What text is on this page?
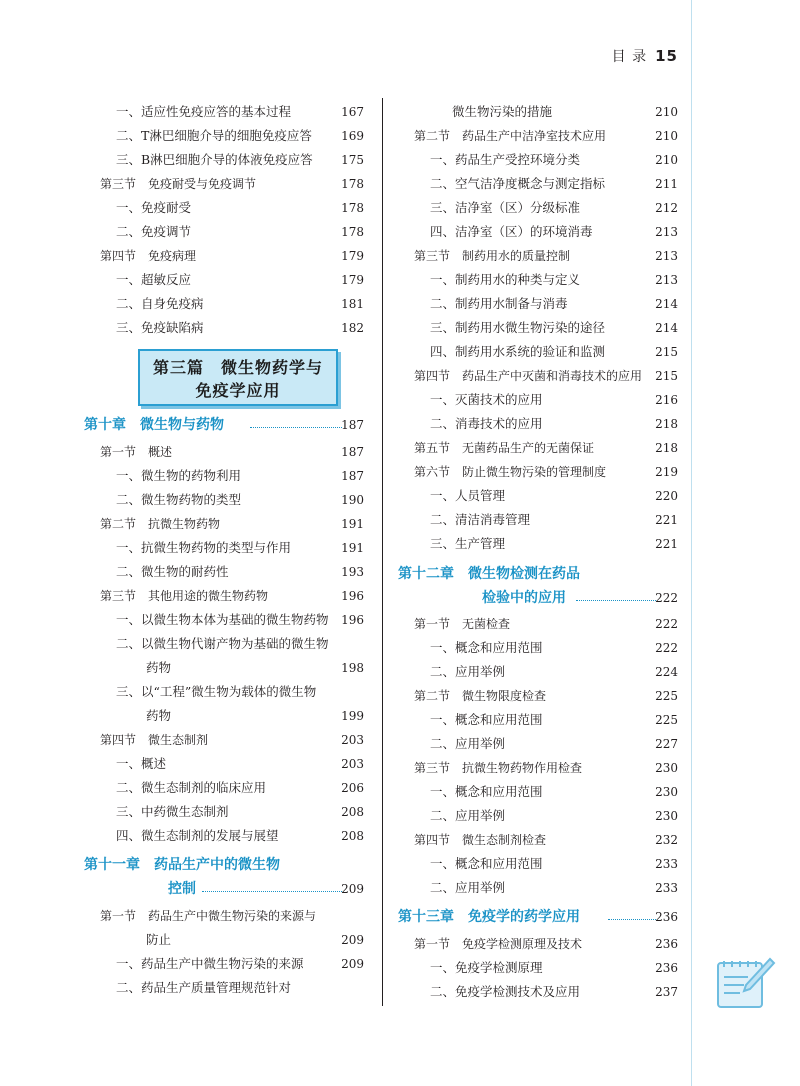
目 录 15
一、适应性免疫应答的基本过程	167
二、T淋巴细胞介导的细胞免疫应答 169
三、B淋巴细胞介导的体液免疫应答 175
第三节　免疫耐受与免疫调节	178
一、免疫耐受	178
二、免疫调节	178
第四节　免疫病理	179
一、超敏反应	179
二、自身免疫病	181
三、免疫缺陷病	182
第三篇　微生物药学与
免疫学应用
第十章　微生物与药物	187
第一节　概述	187
一、微生物的药物利用	187
二、微生物药物的类型	190
第二节　抗微生物药物	191
一、抗微生物药物的类型与作用	191
二、微生物的耐药性	193
第三节　其他用途的微生物药物	196
一、以微生物本体为基础的微生物药物 196
二、以微生物代谢产物为基础的微生物
药物	198
三、以“工程”微生物为载体的微生物
药物	199
第四节　微生态制剂	203
一、概述	203
二、微生态制剂的临床应用	206
三、中药微生态制剂	208
四、微生态制剂的发展与展望	208
第十一章　药品生产中的微生物
控制	209
第一节　药品生产中微生物污染的来源与
防止	209
一、药品生产中微生物污染的来源	209
二、药品生产质量管理规范针对
微生物污染的措施	210
第二节　药品生产中洁净室技术应用	210
一、药品生产受控环境分类	210
二、空气洁净度概念与测定指标	211
三、洁净室（区）分级标准	212
四、洁净室（区）的环境消毒	213
第三节　制药用水的质量控制	213
一、制药用水的种类与定义	213
二、制药用水制备与消毒	214
三、制药用水微生物污染的途径	214
四、制药用水系统的验证和监测	215
第四节　药品生产中灭菌和消毒技术的应用 215
一、灭菌技术的应用	216
二、消毒技术的应用	218
第五节　无菌药品生产的无菌保证	218
第六节　防止微生物污染的管理制度	219
一、人员管理	220
二、清洁消毒管理	221
三、生产管理	221
第十二章　微生物检测在药品
检验中的应用	222
第一节　无菌检查	222
一、概念和应用范围	222
二、应用举例	224
第二节　微生物限度检查	225
一、概念和应用范围	225
二、应用举例	227
第三节　抗微生物药物作用检查	230
一、概念和应用范围	230
二、应用举例	230
第四节　微生态制剂检查	232
一、概念和应用范围	233
二、应用举例	233
第十三章　免疫学的药学应用	236
第一节　免疫学检测原理及技术	236
一、免疫学检测原理	236
二、免疫学检测技术及应用	237
